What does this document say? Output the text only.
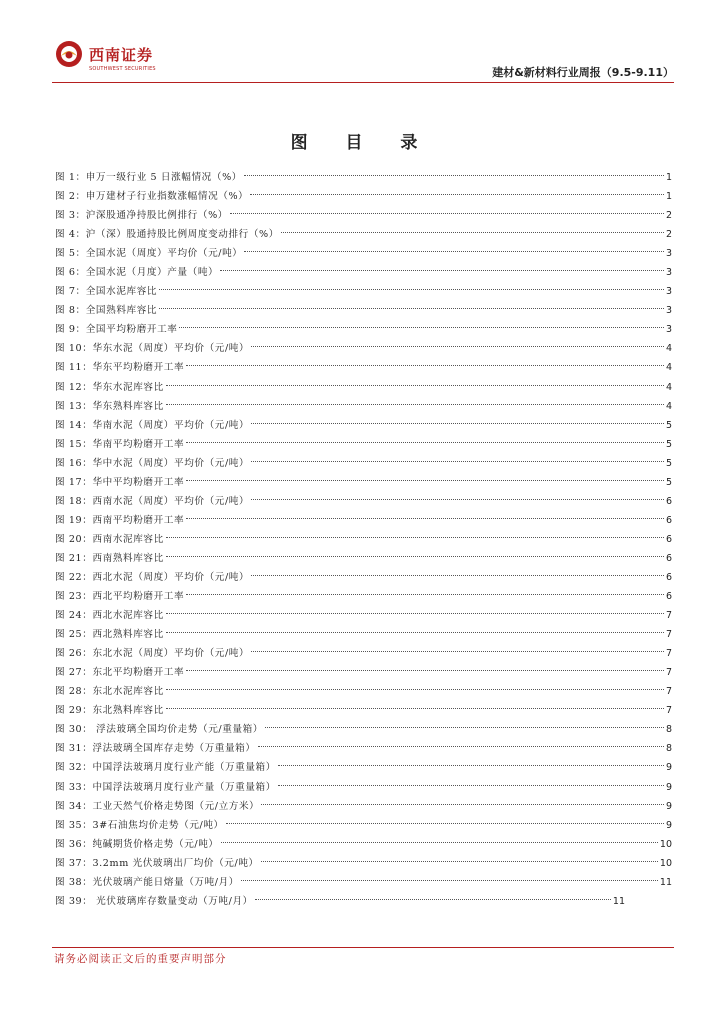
西南证券
SOUTHWEST SECURITIES	建材&新材料行业周报（9.5-9.11）
图 目 录
图 1：申万一级行业 5 日涨幅情况（%）	1
图 2：申万建材子行业指数涨幅情况（%）	1
图 3：沪深股通净持股比例排行（%）	2
图 4：沪（深）股通持股比例周度变动排行（%）	2
图 5：全国水泥（周度）平均价（元/吨）	3
图 6：全国水泥（月度）产量（吨）	3
图 7：全国水泥库容比	3
图 8：全国熟料库容比	3
图 9：全国平均粉磨开工率	3
图 10：华东水泥（周度）平均价（元/吨）	4
图 11：华东平均粉磨开工率	4
图 12：华东水泥库容比	4
图 13：华东熟料库容比	4
图 14：华南水泥（周度）平均价（元/吨）	5
图 15：华南平均粉磨开工率	5
图 16：华中水泥（周度）平均价（元/吨）	5
图 17：华中平均粉磨开工率	5
图 18：西南水泥（周度）平均价（元/吨）	6
图 19：西南平均粉磨开工率	6
图 20：西南水泥库容比	6
图 21：西南熟料库容比	6
图 22：西北水泥（周度）平均价（元/吨）	6
图 23：西北平均粉磨开工率	6
图 24：西北水泥库容比	7
图 25：西北熟料库容比	7
图 26：东北水泥（周度）平均价（元/吨）	7
图 27：东北平均粉磨开工率	7
图 28：东北水泥库容比	7
图 29：东北熟料库容比	7
图 30： 浮法玻璃全国均价走势（元/重量箱）	8
图 31：浮法玻璃全国库存走势（万重量箱）	8
图 32：中国浮法玻璃月度行业产能（万重量箱）	9
图 33：中国浮法玻璃月度行业产量（万重量箱）	9
图 34：工业天然气价格走势图（元/立方米）	9
图 35：3#石油焦均价走势（元/吨）	9
图 36：纯碱期货价格走势（元/吨）	10
图 37：3.2mm 光伏玻璃出厂均价（元/吨）	10
图 38：光伏玻璃产能日熔量（万吨/月）	11
图 39： 光伏玻璃库存数量变动（万吨/月）	11
请务必阅读正文后的重要声明部分
